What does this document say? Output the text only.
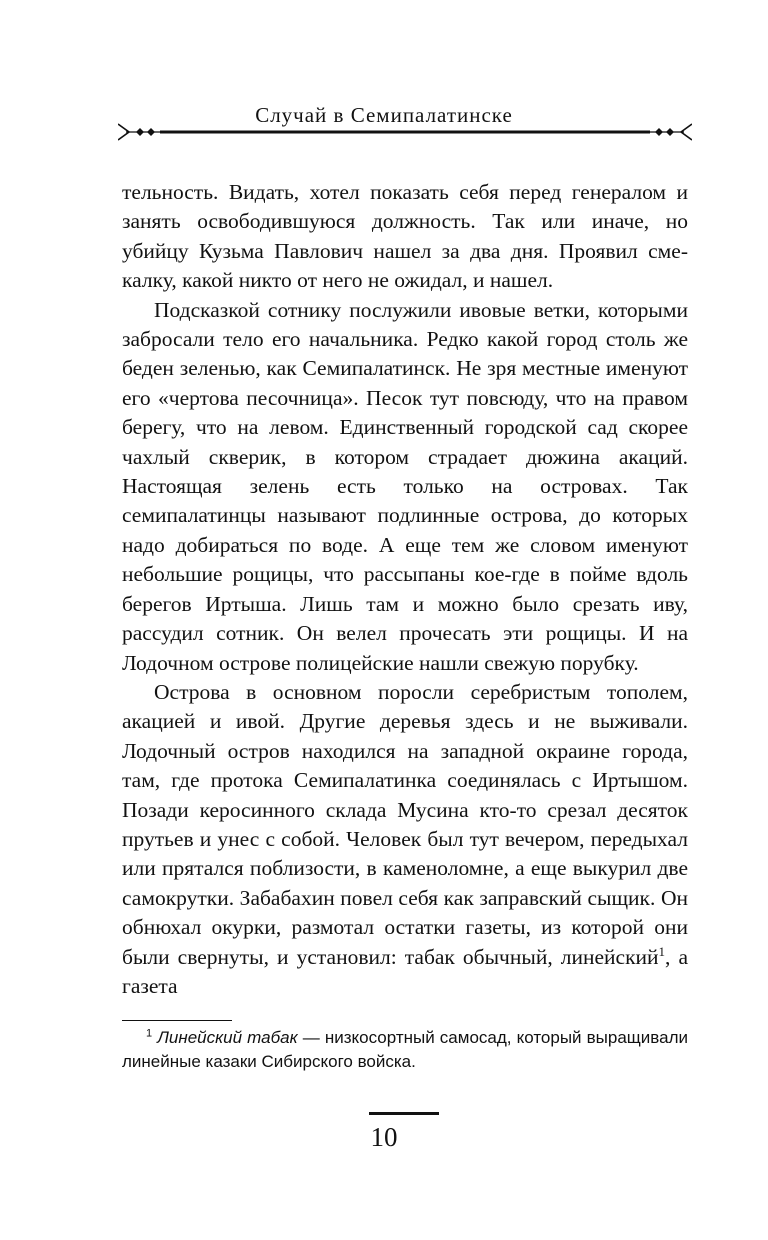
Случай в Семипалатинске

тельность. Видать, хотел показать себя перед генералом и занять освободившуюся должность. Так или иначе, но убийцу Кузьма Павлович нашел за два дня. Проявил смекалку, какой никто от него не ожидал, и нашел.

Подсказкой сотнику послужили ивовые ветки, которыми забросали тело его начальника. Редко какой город столь же беден зеленью, как Семипалатинск. Не зря местные именуют его «чертова песочница». Песок тут повсюду, что на правом берегу, что на левом. Единственный городской сад скорее чахлый скверик, в котором страдает дюжина акаций. Настоящая зелень есть только на островах. Так семипалатинцы называют подлинные острова, до которых надо добираться по воде. А еще тем же словом именуют небольшие рощицы, что рассыпаны кое-где в пойме вдоль берегов Иртыша. Лишь там и можно было срезать иву, рассудил сотник. Он велел прочесать эти рощицы. И на Лодочном острове полицейские нашли свежую порубку.

Острова в основном поросли серебристым тополем, акацией и ивой. Другие деревья здесь и не выживали. Лодочный остров находился на западной окраине города, там, где протока Семипалатинка соединялась с Иртышом. Позади керосинного склада Мусина кто-то срезал десяток прутьев и унес с собой. Человек был тут вечером, передыхал или прятался поблизости, в каменоломне, а еще выкурил две самокрутки. Забабахин повел себя как заправский сыщик. Он обнюхал окурки, размотал остатки газеты, из которой они были свернуты, и установил: табак обычный, линейский$^1$, а газета

$^1$ Линейский табак — низкосортный самосад, который выращивали линейные казаки Сибирского войска.
10
